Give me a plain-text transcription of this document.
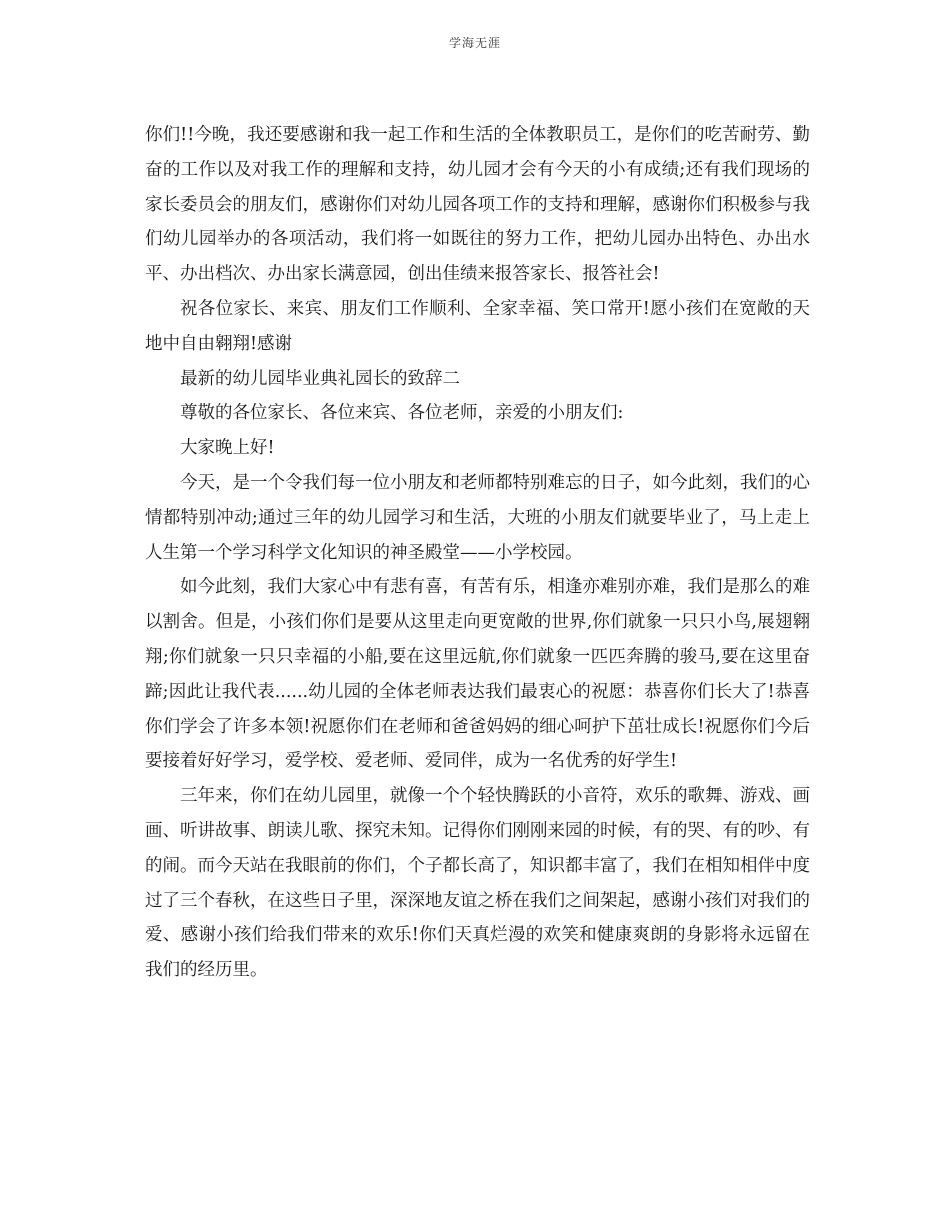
学海无涯

你们!!今晚，我还要感谢和我一起工作和生活的全体教职员工，是你们的吃苦耐劳、勤奋的工作以及对我工作的理解和支持，幼儿园才会有今天的小有成绩;还有我们现场的家长委员会的朋友们，感谢你们对幼儿园各项工作的支持和理解，感谢你们积极参与我们幼儿园举办的各项活动，我们将一如既往的努力工作，把幼儿园办出特色、办出水平、办出档次、办出家长满意园，创出佳绩来报答家长、报答社会!

祝各位家长、来宾、朋友们工作顺利、全家幸福、笑口常开!愿小孩们在宽敞的天地中自由翱翔!感谢

最新的幼儿园毕业典礼园长的致辞二

尊敬的各位家长、各位来宾、各位老师，亲爱的小朋友们:

大家晚上好!

今天，是一个令我们每一位小朋友和老师都特别难忘的日子，如今此刻，我们的心情都特别冲动;通过三年的幼儿园学习和生活，大班的小朋友们就要毕业了，马上走上人生第一个学习科学文化知识的神圣殿堂——小学校园。

如今此刻，我们大家心中有悲有喜，有苦有乐，相逢亦难别亦难，我们是那么的难以割舍。但是，小孩们你们是要从这里走向更宽敞的世界,你们就象一只只小鸟,展翅翱翔;你们就象一只只幸福的小船,要在这里远航,你们就象一匹匹奔腾的骏马,要在这里奋蹄;因此让我代表......幼儿园的全体老师表达我们最衷心的祝愿：恭喜你们长大了!恭喜你们学会了许多本领!祝愿你们在老师和爸爸妈妈的细心呵护下茁壮成长!祝愿你们今后要接着好好学习，爱学校、爱老师、爱同伴，成为一名优秀的好学生!

三年来，你们在幼儿园里，就像一个个轻快腾跃的小音符，欢乐的歌舞、游戏、画画、听讲故事、朗读儿歌、探究未知。记得你们刚刚来园的时候，有的哭、有的吵、有的闹。而今天站在我眼前的你们，个子都长高了，知识都丰富了，我们在相知相伴中度过了三个春秋，在这些日子里，深深地友谊之桥在我们之间架起，感谢小孩们对我们的爱、感谢小孩们给我们带来的欢乐!你们天真烂漫的欢笑和健康爽朗的身影将永远留在我们的经历里。
